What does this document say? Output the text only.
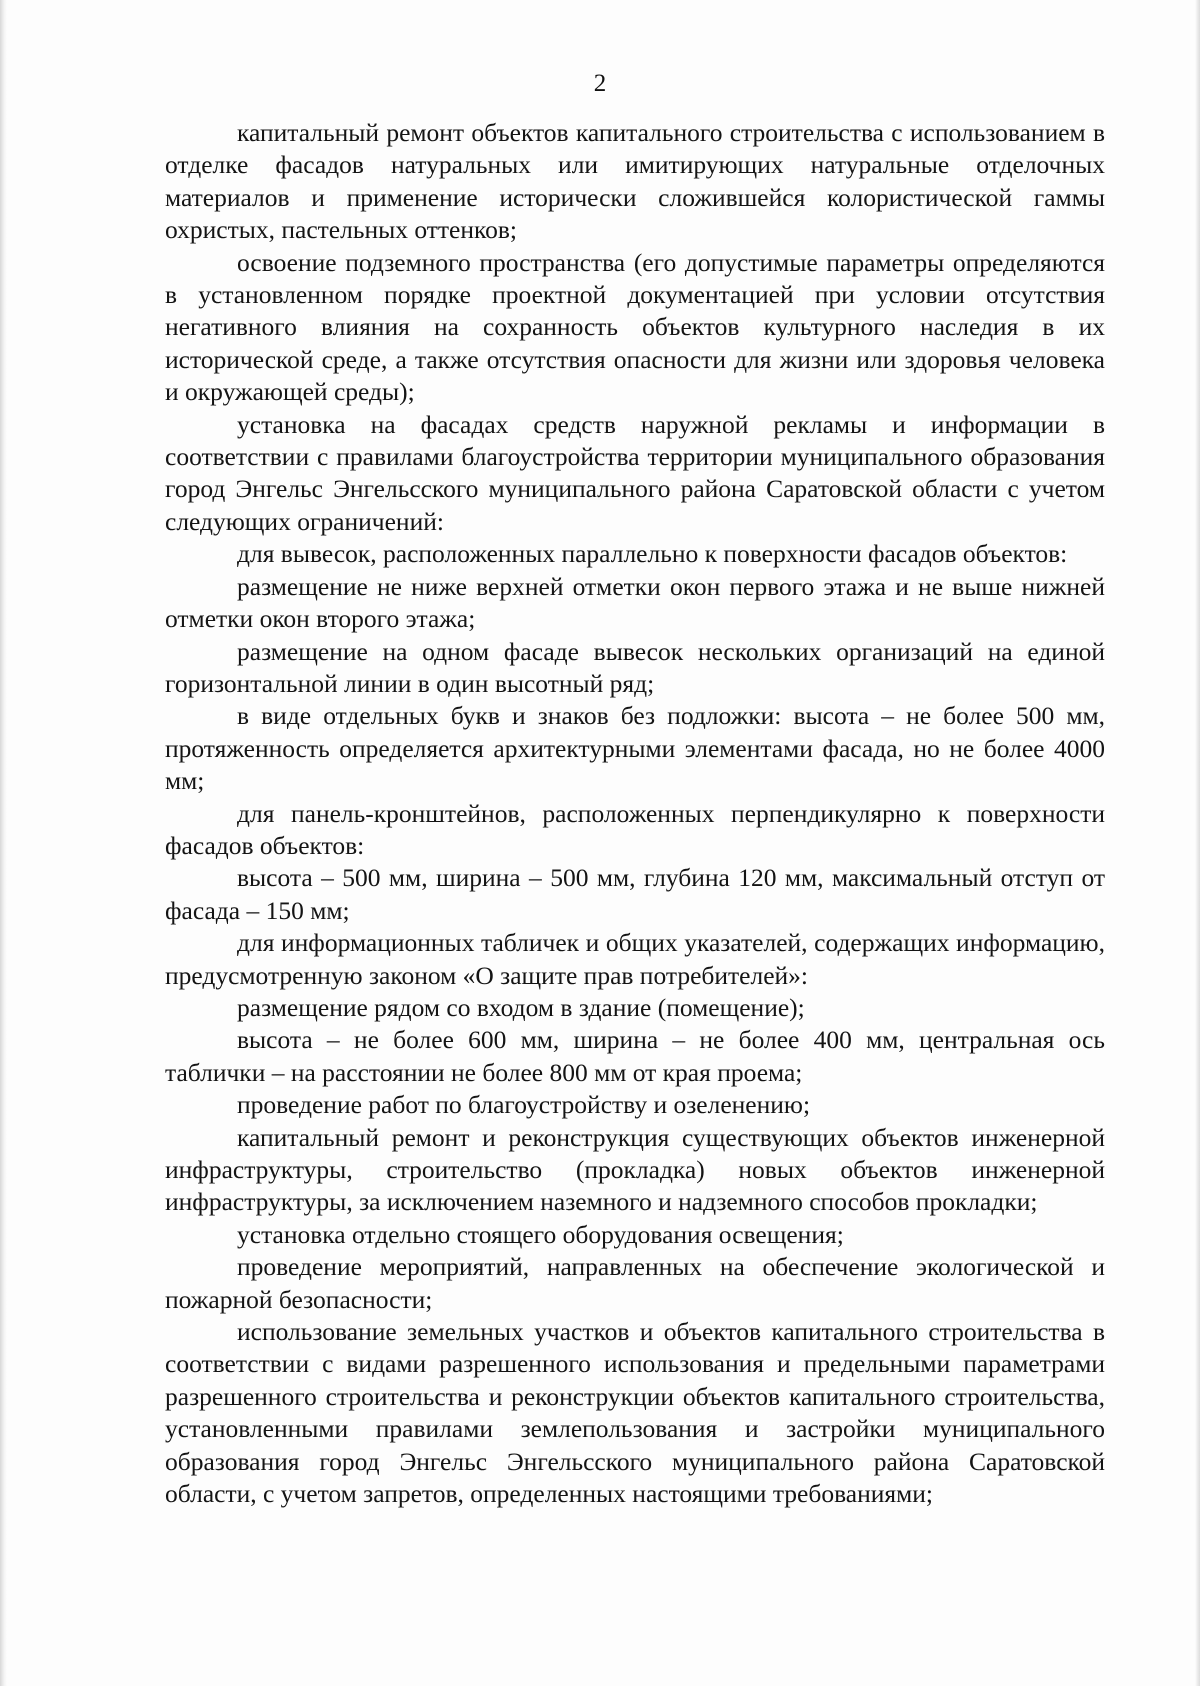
2

капитальный ремонт объектов капитального строительства с использованием в отделке фасадов натуральных или имитирующих натуральные отделочных материалов и применение исторически сложившейся колористической гаммы охристых, пастельных оттенков;

освоение подземного пространства (его допустимые параметры определяются в установленном порядке проектной документацией при условии отсутствия негативного влияния на сохранность объектов культурного наследия в их исторической среде, а также отсутствия опасности для жизни или здоровья человека и окружающей среды);

установка на фасадах средств наружной рекламы и информации в соответствии с правилами благоустройства территории муниципального образования город Энгельс Энгельсского муниципального района Саратовской области с учетом следующих ограничений:

для вывесок, расположенных параллельно к поверхности фасадов объектов:

размещение не ниже верхней отметки окон первого этажа и не выше нижней отметки окон второго этажа;

размещение на одном фасаде вывесок нескольких организаций на единой горизонтальной линии в один высотный ряд;

в виде отдельных букв и знаков без подложки: высота – не более 500 мм, протяженность определяется архитектурными элементами фасада, но не более 4000 мм;

для панель-кронштейнов, расположенных перпендикулярно к поверхности фасадов объектов:

высота – 500 мм, ширина – 500 мм, глубина 120 мм, максимальный отступ от фасада – 150 мм;

для информационных табличек и общих указателей, содержащих информацию, предусмотренную законом «О защите прав потребителей»:

размещение рядом со входом в здание (помещение);

высота – не более 600 мм, ширина – не более 400 мм, центральная ось таблички – на расстоянии не более 800 мм от края проема;

проведение работ по благоустройству и озеленению;

капитальный ремонт и реконструкция существующих объектов инженерной инфраструктуры, строительство (прокладка) новых объектов инженерной инфраструктуры, за исключением наземного и надземного способов прокладки;

установка отдельно стоящего оборудования освещения;

проведение мероприятий, направленных на обеспечение экологической и пожарной безопасности;

использование земельных участков и объектов капитального строительства в соответствии с видами разрешенного использования и предельными параметрами разрешенного строительства и реконструкции объектов капитального строительства, установленными правилами землепользования и застройки муниципального образования город Энгельс Энгельсского муниципального района Саратовской области, с учетом запретов, определенных настоящими требованиями;
